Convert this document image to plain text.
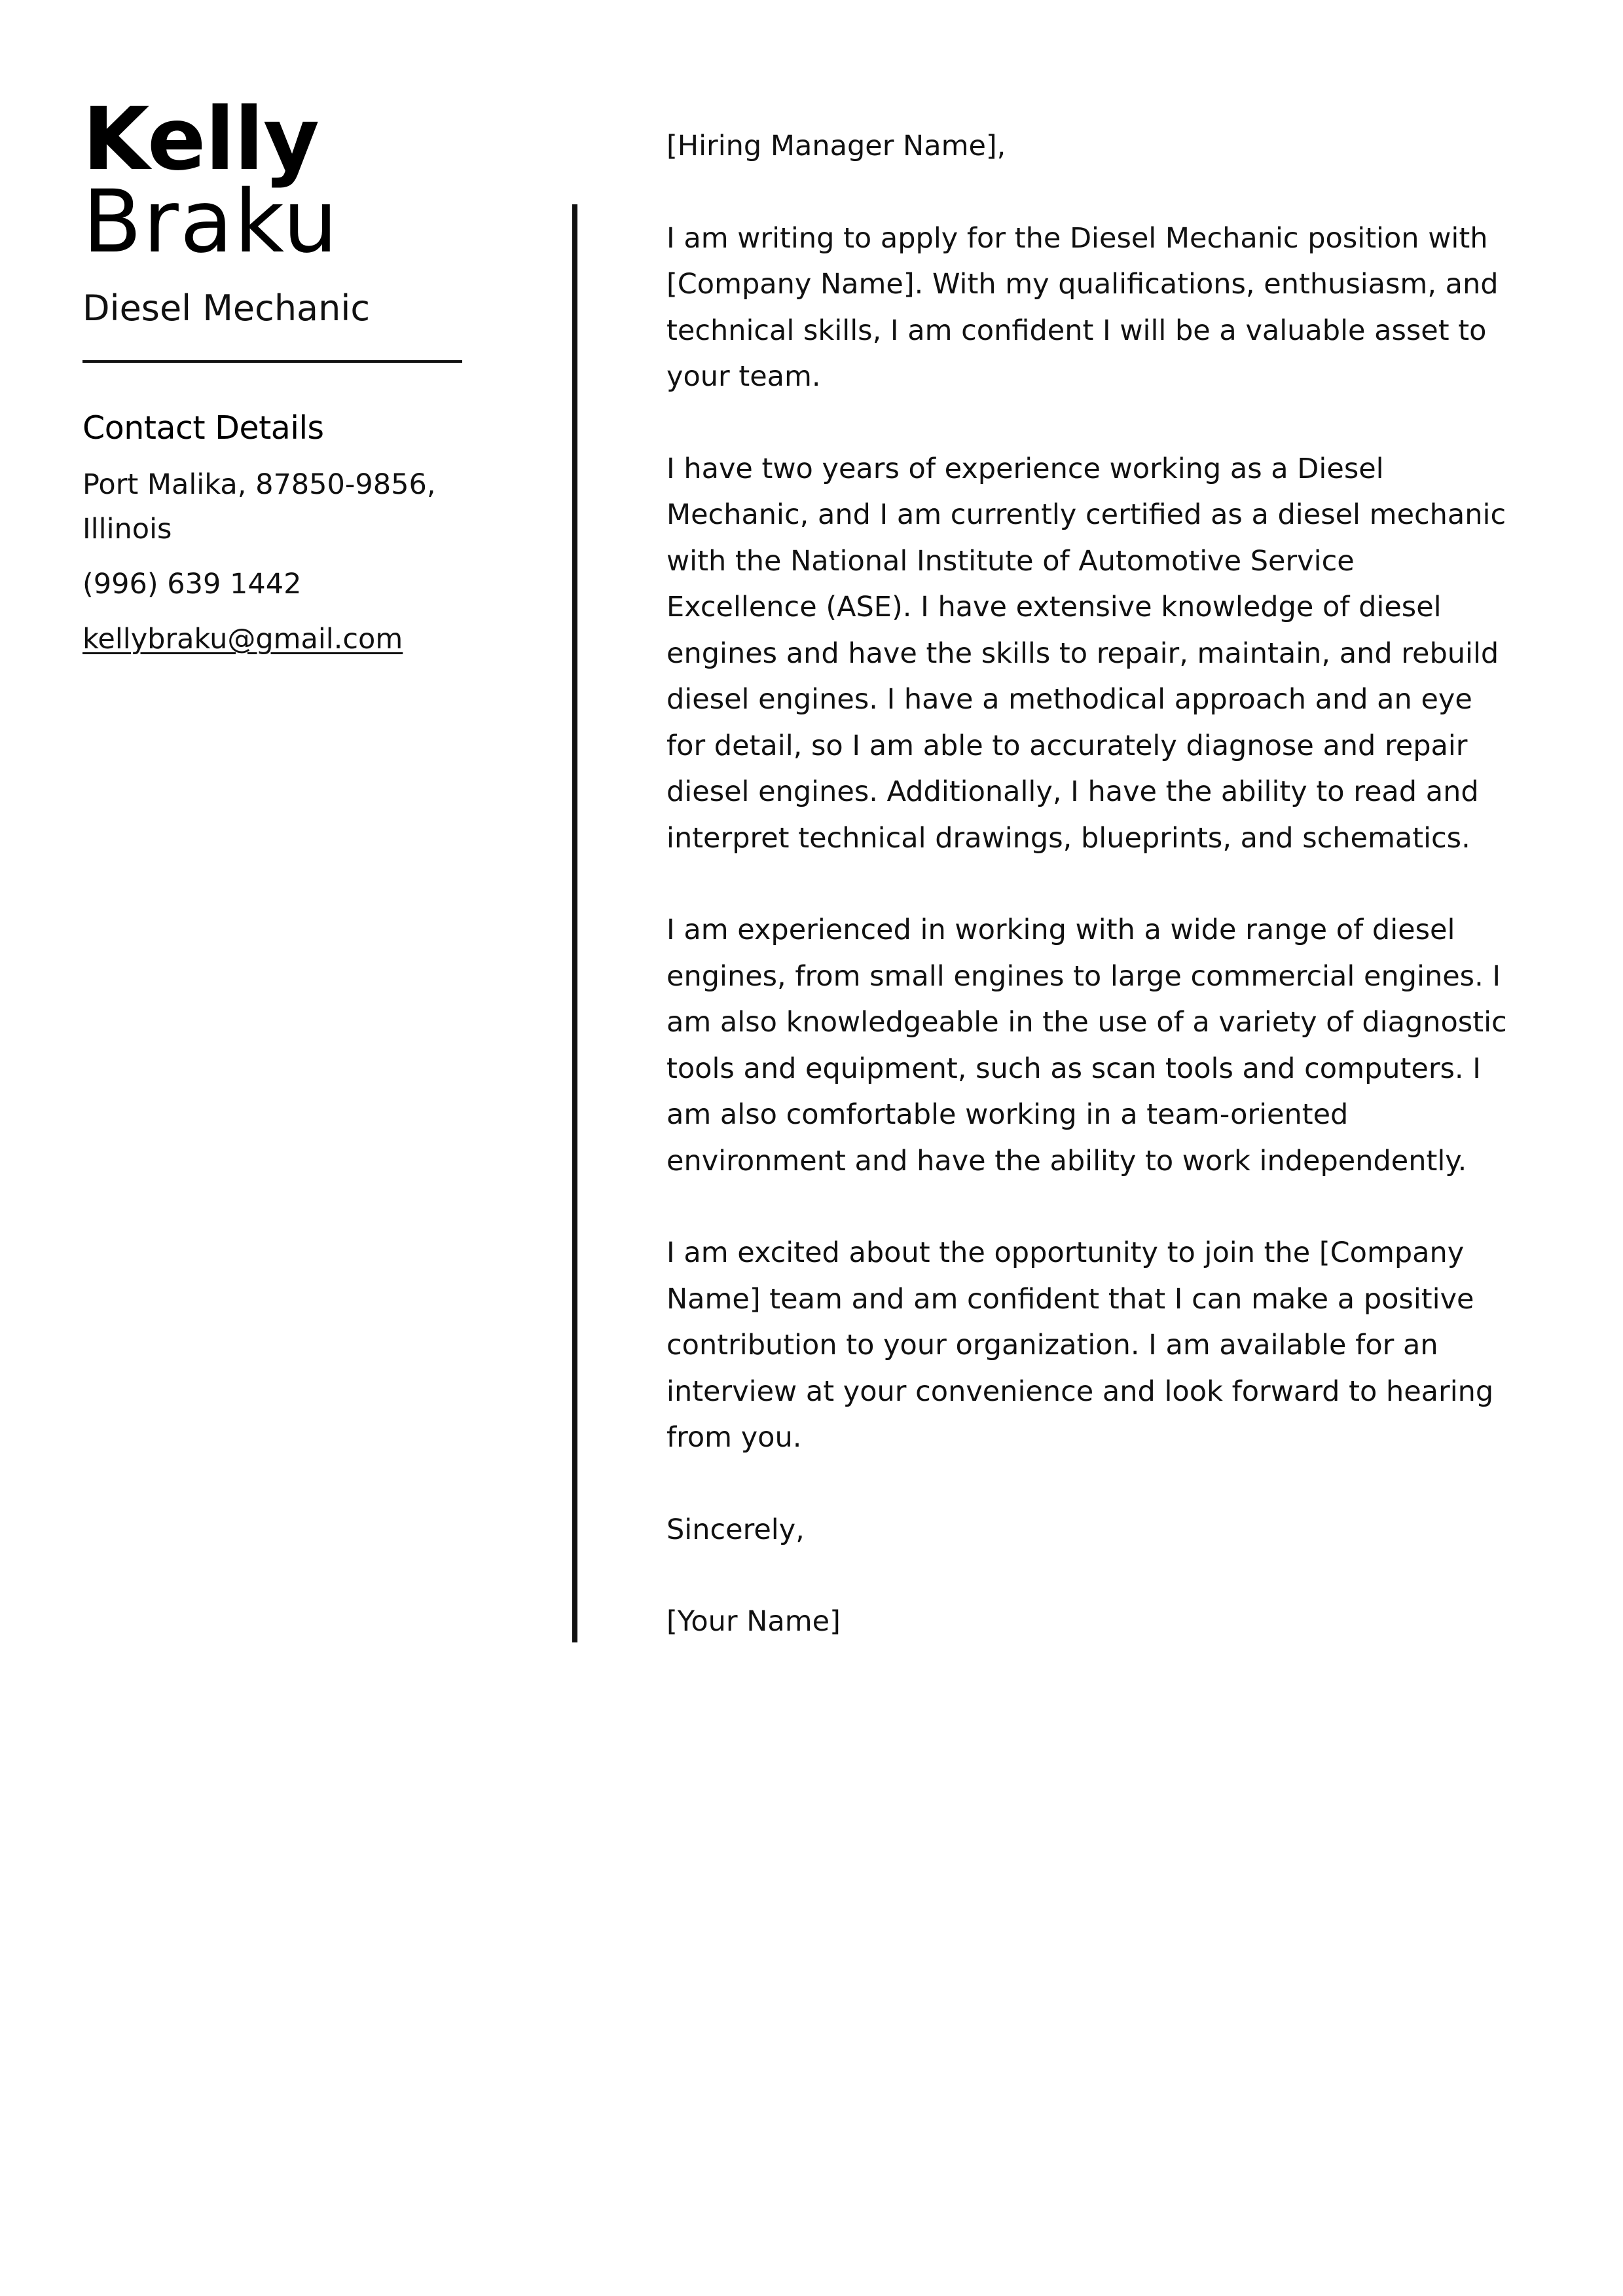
Kelly
Braku
Diesel Mechanic
Contact Details
Port Malika, 87850-9856, Illinois
(996) 639 1442
kellybraku@gmail.com

[Hiring Manager Name],

I am writing to apply for the Diesel Mechanic position with [Company Name]. With my qualifications, enthusiasm, and technical skills, I am confident I will be a valuable asset to your team.

I have two years of experience working as a Diesel Mechanic, and I am currently certified as a diesel mechanic with the National Institute of Automotive Service Excellence (ASE). I have extensive knowledge of diesel engines and have the skills to repair, maintain, and rebuild diesel engines. I have a methodical approach and an eye for detail, so I am able to accurately diagnose and repair diesel engines. Additionally, I have the ability to read and interpret technical drawings, blueprints, and schematics.

I am experienced in working with a wide range of diesel engines, from small engines to large commercial engines. I am also knowledgeable in the use of a variety of diagnostic tools and equipment, such as scan tools and computers. I am also comfortable working in a team-oriented environment and have the ability to work independently.

I am excited about the opportunity to join the [Company Name] team and am confident that I can make a positive contribution to your organization. I am available for an interview at your convenience and look forward to hearing from you.

Sincerely,

[Your Name]
